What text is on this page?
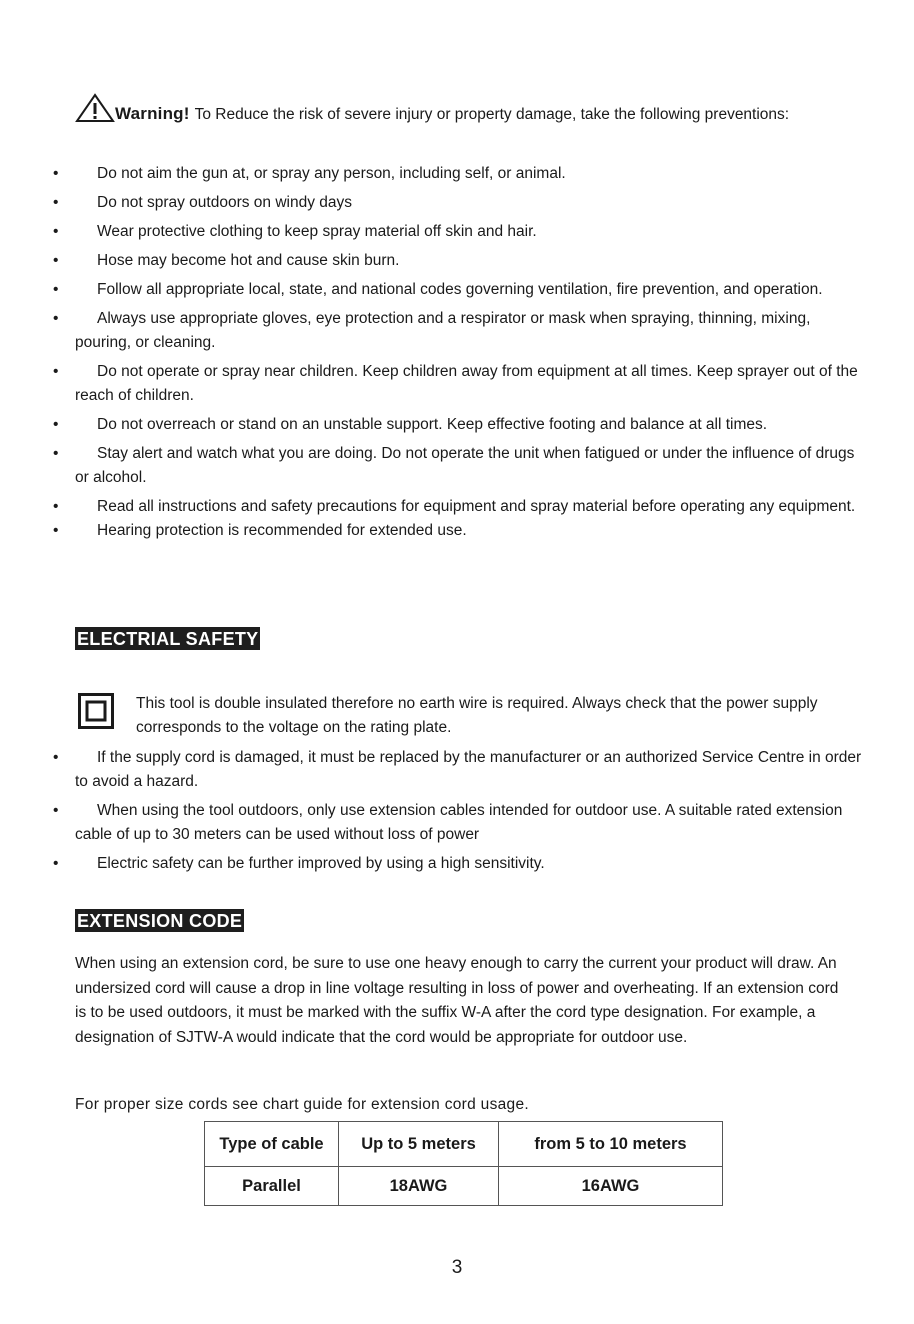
Warning! To Reduce the risk of severe injury or property damage, take the following preventions:
• Do not aim the gun at, or spray any person, including self, or animal.
• Do not spray outdoors on windy days
• Wear protective clothing to keep spray material off skin and hair.
• Hose may become hot and cause skin burn.
• Follow all appropriate local, state, and national codes governing ventilation, fire prevention, and operation.
• Always use appropriate gloves, eye protection and a respirator or mask when spraying, thinning, mixing, pouring, or cleaning.
• Do not operate or spray near children. Keep children away from equipment at all times. Keep sprayer out of the reach of children.
• Do not overreach or stand on an unstable support. Keep effective footing and balance at all times.
• Stay alert and watch what you are doing. Do not operate the unit when fatigued or under the influence of drugs or alcohol.
• Read all instructions and safety precautions for equipment and spray material before operating any equipment.
• Hearing protection is recommended for extended use.
ELECTRIAL SAFETY
This tool is double insulated therefore no earth wire is required. Always check that the power supply corresponds to the voltage on the rating plate.
• If the supply cord is damaged, it must be replaced by the manufacturer or an authorized Service Centre in order to avoid a hazard.
• When using the tool outdoors, only use extension cables intended for outdoor use. A suitable rated extension cable of up to 30 meters can be used without loss of power
• Electric safety can be further improved by using a high sensitivity.
EXTENSION CODE

When using an extension cord, be sure to use one heavy enough to carry the current your product will draw. An undersized cord will cause a drop in line voltage resulting in loss of power and overheating. If an extension cord is to be used outdoors, it must be marked with the suffix W-A after the cord type designation. For example, a designation of SJTW-A would indicate that the cord would be appropriate for outdoor use.

For proper size cords see chart guide for extension cord usage.

Type of cable	Up to 5 meters	from 5 to 10 meters
Parallel	18AWG	16AWG
3
